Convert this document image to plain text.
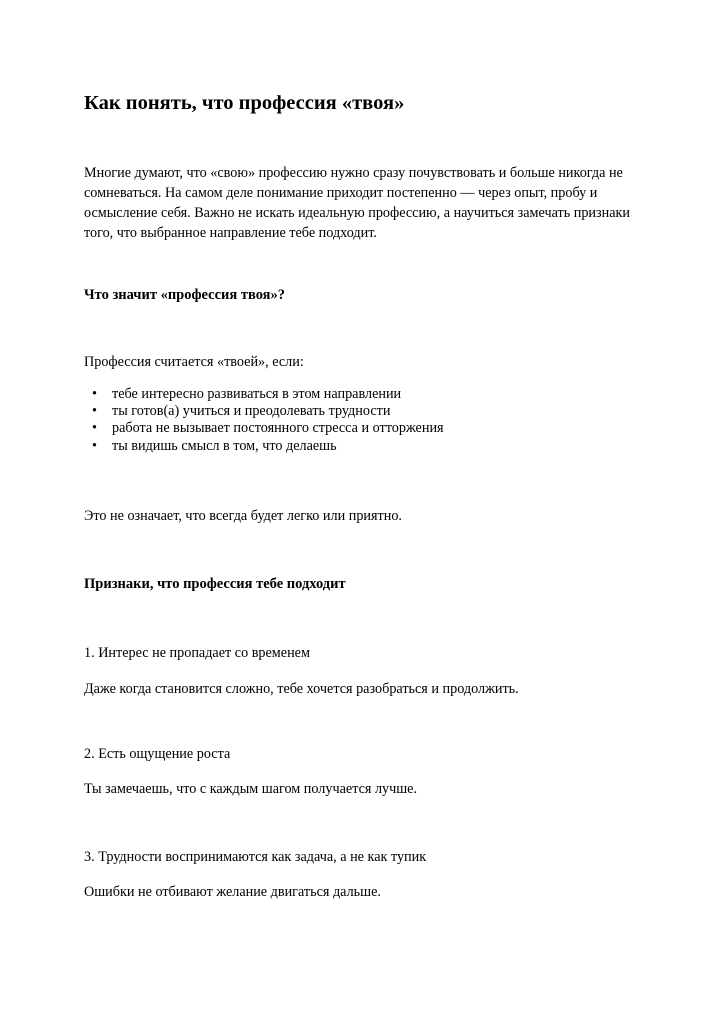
Как понять, что профессия «твоя»

Многие думают, что «свою» профессию нужно сразу почувствовать и больше никогда не сомневаться. На самом деле понимание приходит постепенно — через опыт, пробу и осмысление себя. Важно не искать идеальную профессию, а научиться замечать признаки того, что выбранное направление тебе подходит.

Что значит «профессия твоя»?

Профессия считается «твоей», если:

• тебе интересно развиваться в этом направлении
• ты готов(а) учиться и преодолевать трудности
• работа не вызывает постоянного стресса и отторжения
• ты видишь смысл в том, что делаешь

Это не означает, что всегда будет легко или приятно.

Признаки, что профессия тебе подходит

1. Интерес не пропадает со временем

Даже когда становится сложно, тебе хочется разобраться и продолжить.

2. Есть ощущение роста

Ты замечаешь, что с каждым шагом получается лучше.

3. Трудности воспринимаются как задача, а не как тупик

Ошибки не отбивают желание двигаться дальше.
